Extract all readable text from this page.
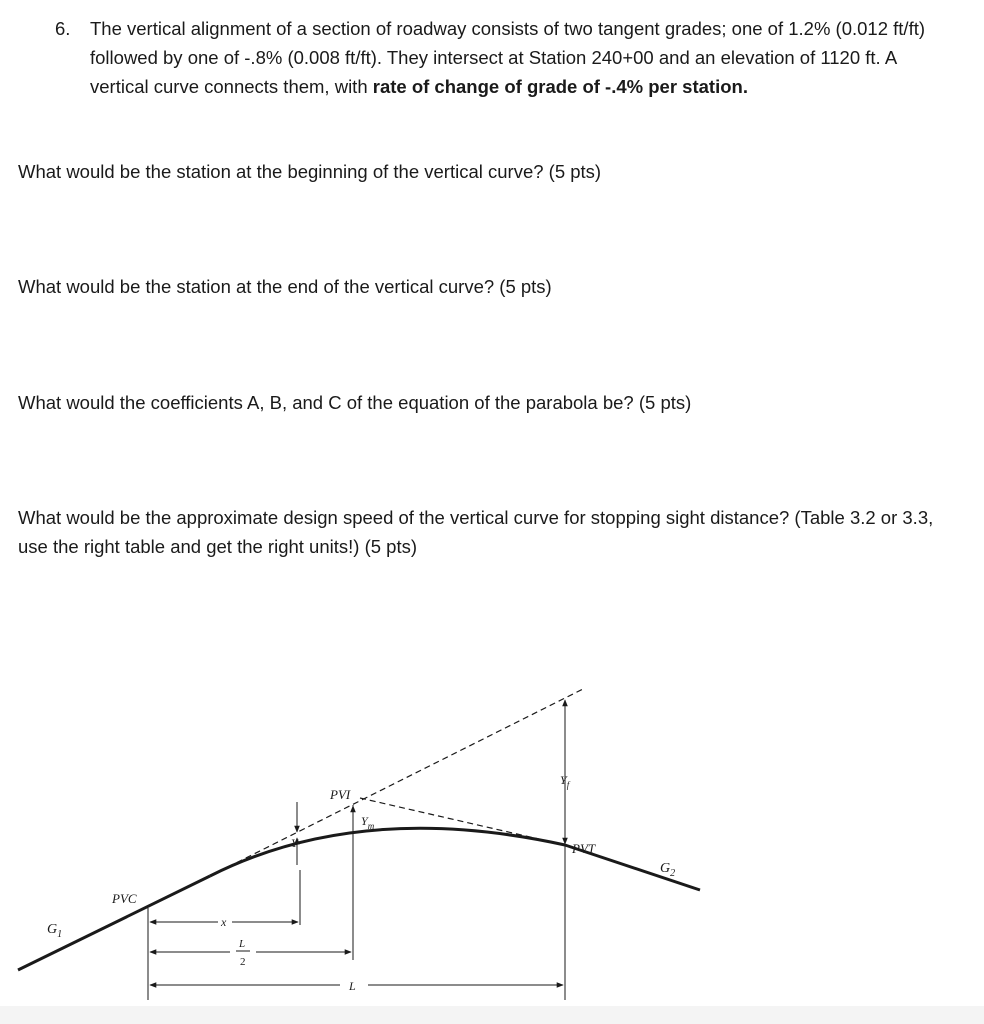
6. The vertical alignment of a section of roadway consists of two tangent grades; one of 1.2% (0.012 ft/ft) followed by one of -.8% (0.008 ft/ft). They intersect at Station 240+00 and an elevation of 1120 ft. A vertical curve connects them, with rate of change of grade of -.4% per station.
What would be the station at the beginning of the vertical curve? (5 pts)
What would be the station at the end of the vertical curve? (5 pts)
What would the coefficients A, B, and C of the equation of the parabola be? (5 pts)
What would be the approximate design speed of the vertical curve for stopping sight distance? (Table 3.2 or 3.3, use the right table and get the right units!) (5 pts)
PVI
PVC
PVT
$G_1$
$G_2$
Y
$Y_m$
$Y_f$
x
L
2
L
